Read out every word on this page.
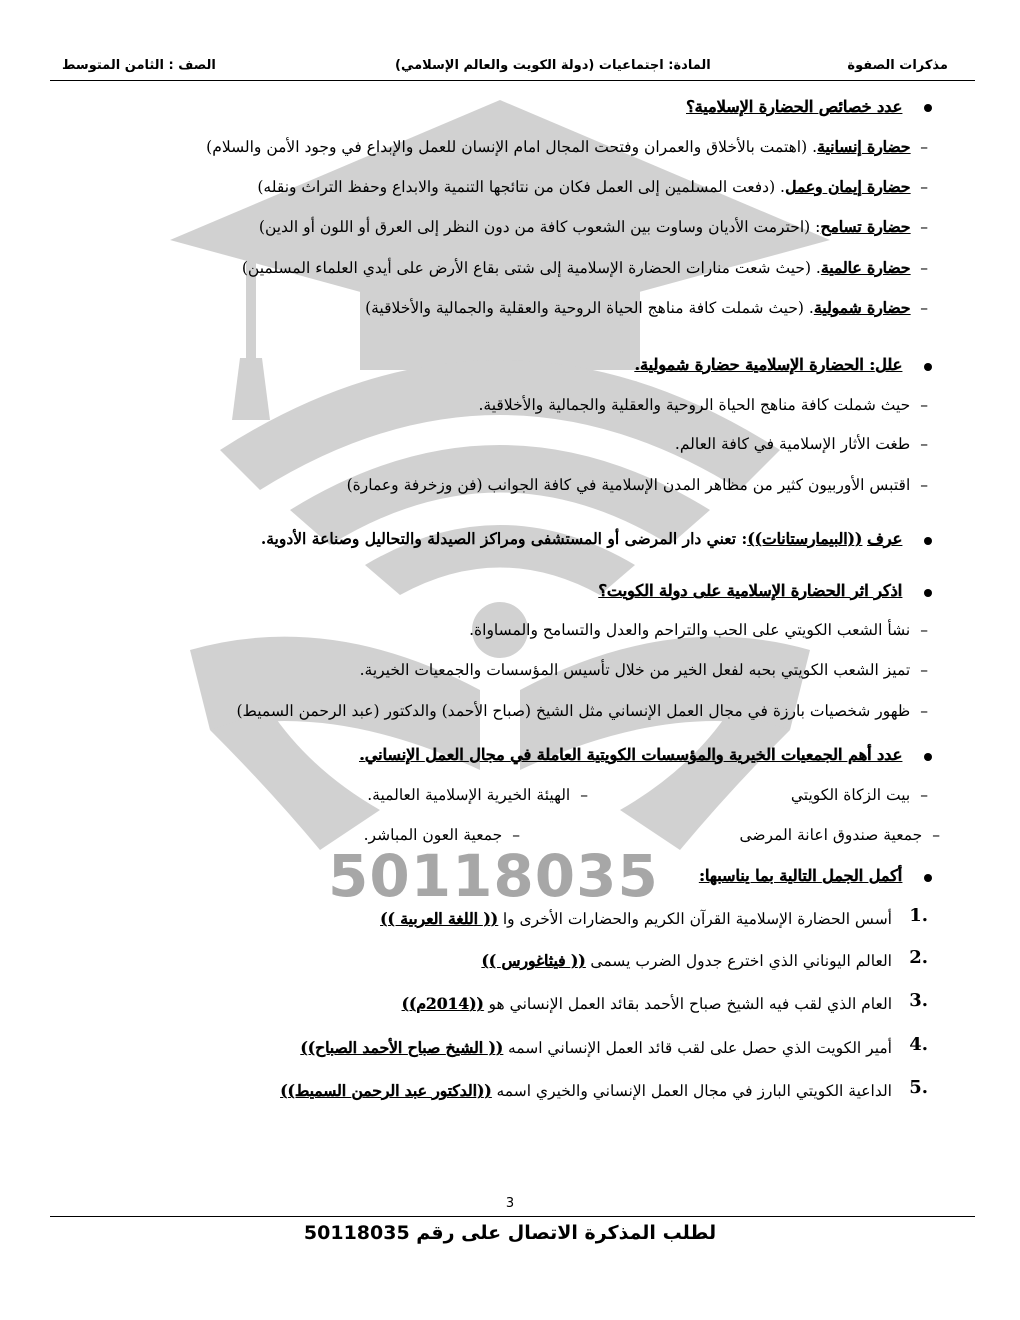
مذكرات الصفوة
المادة: اجتماعيات (دولة الكويت والعالم الإسلامي)
الصف : الثامن المتوسط
50118035
عدد خصائص الحضارة الإسلامية؟
–حضارة إنسانية. (اهتمت بالأخلاق والعمران وفتحت المجال امام الإنسان للعمل والإبداع في وجود الأمن والسلام)
–حضارة إيمان وعمل. (دفعت المسلمين إلى العمل فكان من نتائجها التنمية والابداع وحفظ التراث ونقله)
–حضارة تسامح: (احترمت الأديان وساوت بين الشعوب كافة من دون النظر إلى العرق أو اللون أو الدين)
–حضارة عالمية. (حيث شعت منارات الحضارة الإسلامية إلى شتى بقاع الأرض على أيدي العلماء المسلمين)
–حضارة شمولية. (حيث شملت كافة مناهج الحياة الروحية والعقلية والجمالية والأخلاقية)
علل: الحضارة الإسلامية حضارة شمولية.
–حيث شملت كافة مناهج الحياة الروحية والعقلية والجمالية والأخلاقية.
–طغت الأثار الإسلامية في كافة العالم.
–اقتبس الأوربيون كثير من مظاهر المدن الإسلامية في كافة الجوانب (فن وزخرفة وعمارة)
عرف ((البيمارستانات)): تعني دار المرضى أو المستشفى ومراكز الصيدلة والتحاليل وصناعة الأدوية.
اذكر اثر الحضارة الإسلامية على دولة الكويت؟
–نشأ الشعب الكويتي على الحب والتراحم والعدل والتسامح والمساواة.
–تميز الشعب الكويتي بحبه لفعل الخير من خلال تأسيس المؤسسات والجمعيات الخيرية.
–ظهور شخصيات بارزة في مجال العمل الإنساني مثل الشيخ (صباح الأحمد) والدكتور (عبد الرحمن السميط)
عدد أهم الجمعيات الخيرية والمؤسسات الكويتية العاملة في مجال العمل الإنساني.
–بيت الزكاة الكويتي
–الهيئة الخيرية الإسلامية العالمية.
–جمعية صندوق اعانة المرضى
–جمعية العون المباشر.
أكمل الجمل التالية بما يناسبها:
1.
أسس الحضارة الإسلامية القرآن الكريم والحضارات الأخرى وا (( اللغة العربية ))
2.
العالم اليوناني الذي اخترع جدول الضرب يسمى (( فيثاغورس ))
3.
العام الذي لقب فيه الشيخ صباح الأحمد بقائد العمل الإنساني هو ((2014م))
4.
أمير الكويت الذي حصل على لقب قائد العمل الإنساني اسمه (( الشيخ صباح الأحمد الصباح))
5.
الداعية الكويتي البارز في مجال العمل الإنساني والخيري اسمه ((الدكتور عبد الرحمن السميط))
3
لطلب المذكرة الاتصال على رقم 50118035
